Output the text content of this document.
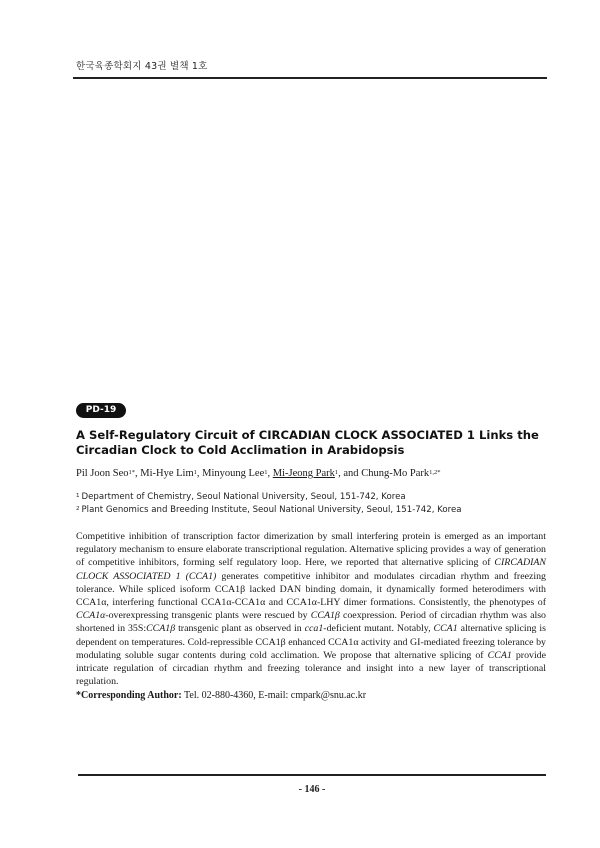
한국육종학회지 43권 별책 1호
PD-19
A Self-Regulatory Circuit of CIRCADIAN CLOCK ASSOCIATED 1 Links the Circadian Clock to Cold Acclimation in Arabidopsis
Pil Joon Seo$^{1*}$, Mi-Hye Lim$^1$, Minyoung Lee$^1$, Mi-Jeong Park$^1$, and Chung-Mo Park$^{1,2*}$
$^1$ Department of Chemistry, Seoul National University, Seoul, 151-742, Korea
$^2$ Plant Genomics and Breeding Institute, Seoul National University, Seoul, 151-742, Korea
Competitive inhibition of transcription factor dimerization by small interfering protein is emerged as an important regulatory mechanism to ensure elaborate transcriptional regulation. Alternative splicing provides a way of generation of competitive inhibitors, forming self regulatory loop. Here, we reported that alternative splicing of CIRCADIAN CLOCK ASSOCIATED 1 (CCA1) generates competitive inhibitor and modulates circadian rhythm and freezing tolerance. While spliced isoform CCA1β lacked DAN binding domain, it dynamically formed heterodimers with CCA1α, interfering functional CCA1α-CCA1α and CCA1α-LHY dimer formations. Consistently, the phenotypes of CCA1α-overexpressing transgenic plants were rescued by CCA1β coexpression. Period of circadian rhythm was also shortened in 35S:CCA1β transgenic plant as observed in cca1-deficient mutant. Notably, CCA1 alternative splicing is dependent on temperatures. Cold-repressible CCA1β enhanced CCA1α activity and GI-mediated freezing tolerance by modulating soluble sugar contents during cold acclimation. We propose that alternative splicing of CCA1 provide intricate regulation of circadian rhythm and freezing tolerance and insight into a new layer of transcriptional regulation.
*Corresponding Author: Tel. 02-880-4360, E-mail: cmpark@snu.ac.kr
- 146 -
